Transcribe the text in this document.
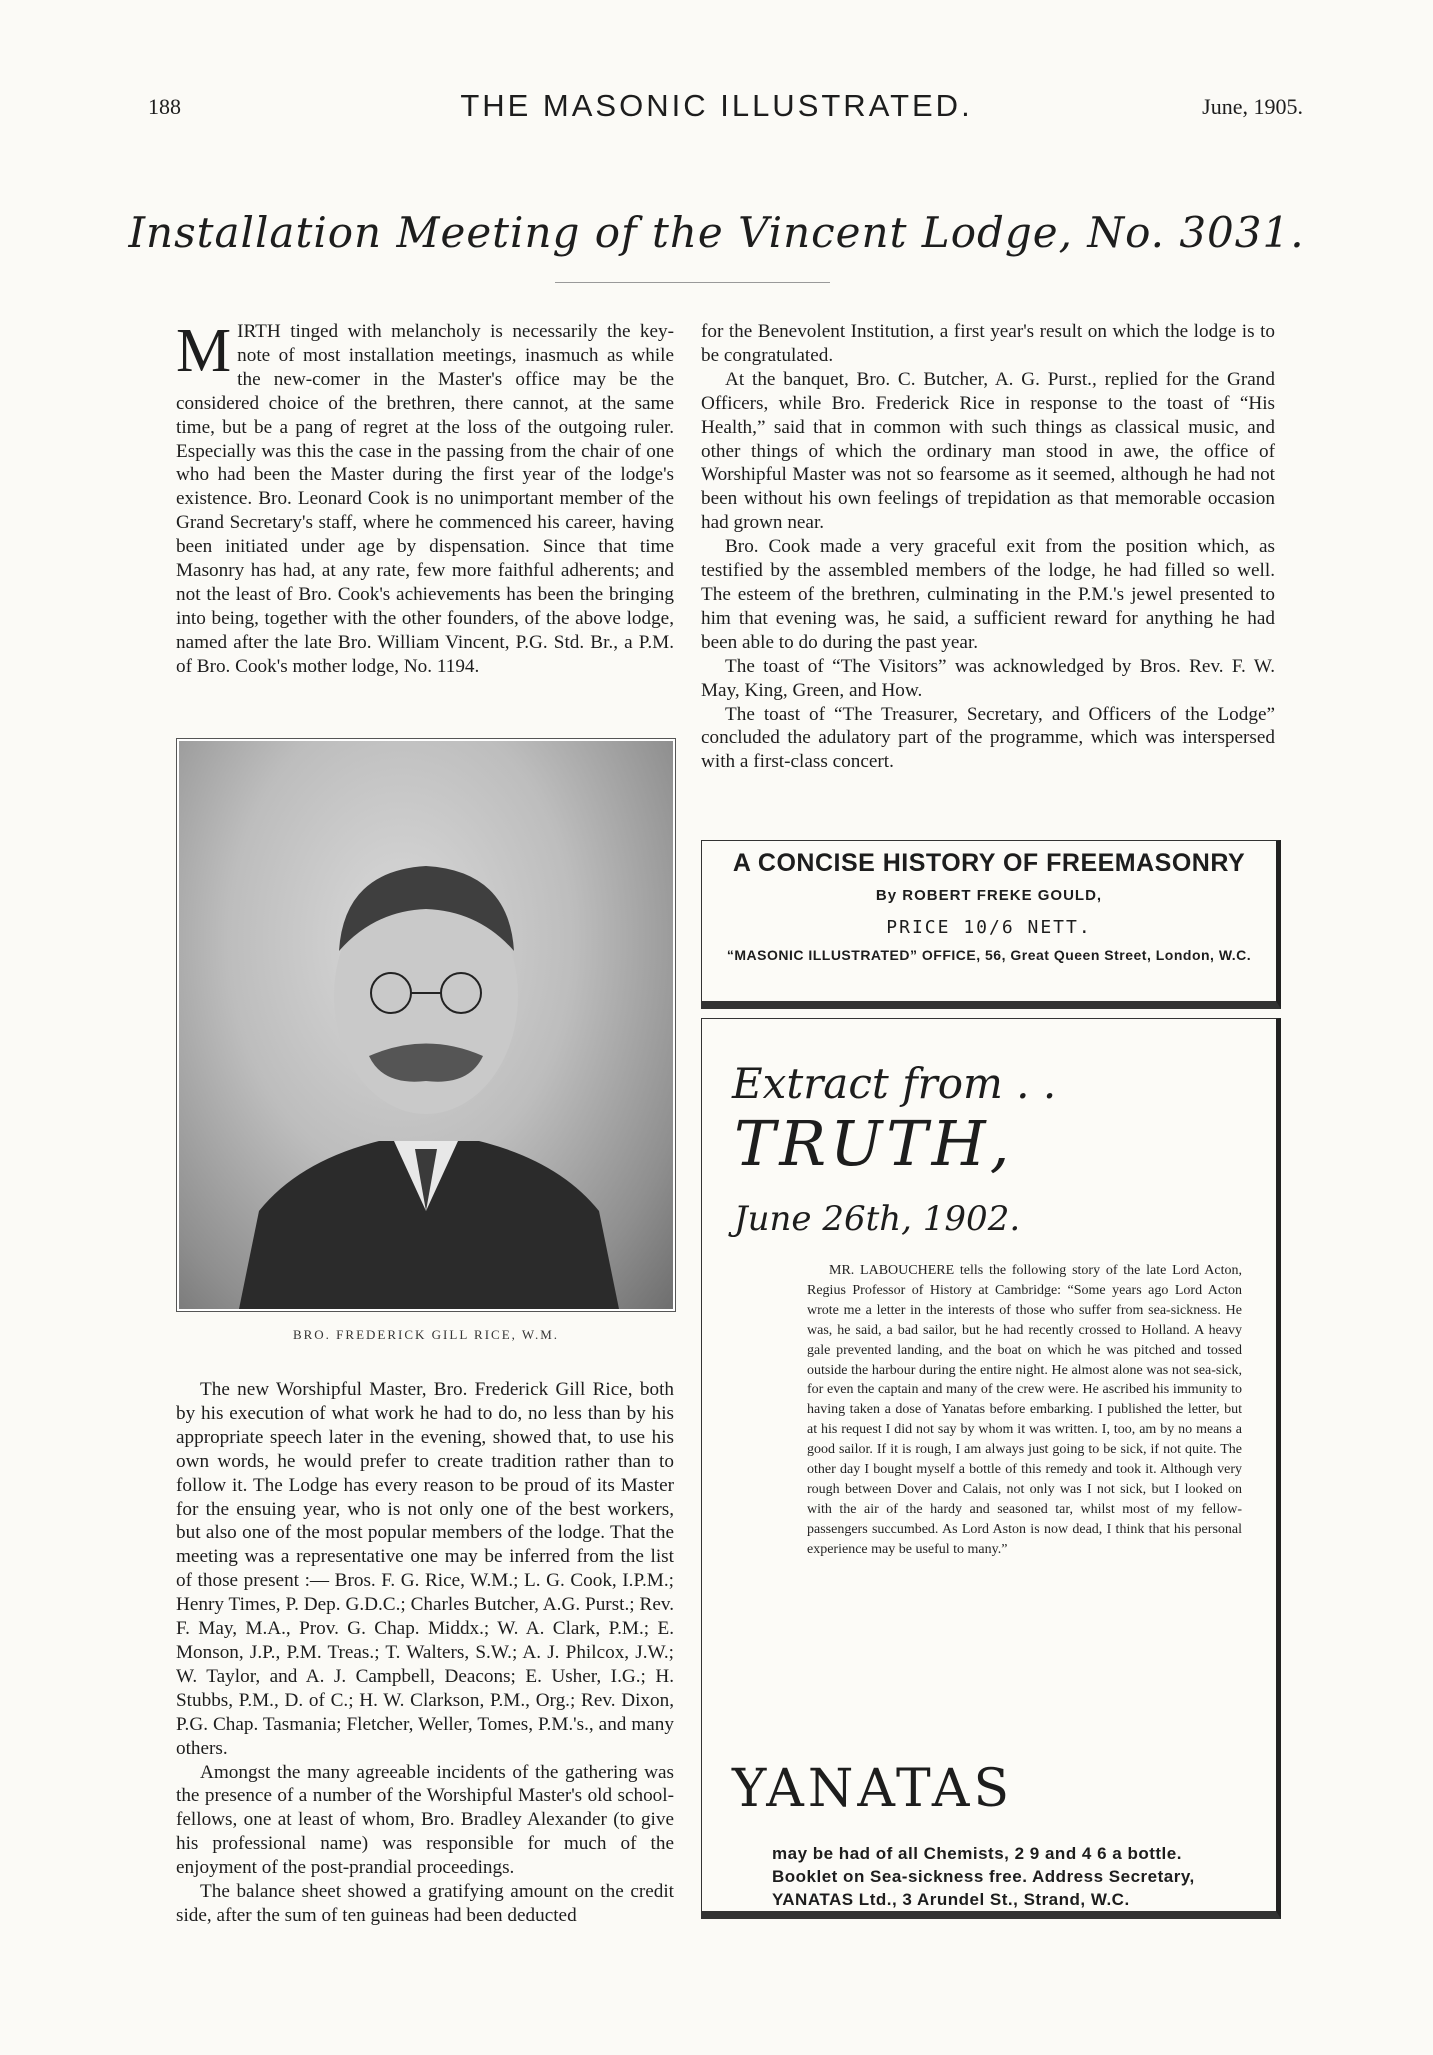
188	THE MASONIC ILLUSTRATED.	June, 1905.
Installation Meeting of the Vincent Lodge, No. 3031.

MIRTH tinged with melancholy is necessarily the key-note of most installation meetings, inasmuch as while the new-comer in the Master's office may be the considered choice of the brethren, there cannot, at the same time, but be a pang of regret at the loss of the outgoing ruler. Especially was this the case in the passing from the chair of one who had been the Master during the first year of the lodge's existence. Bro. Leonard Cook is no unimportant member of the Grand Secretary's staff, where he commenced his career, having been initiated under age by dispensation. Since that time Masonry has had, at any rate, few more faithful adherents; and not the least of Bro. Cook's achievements has been the bringing into being, together with the other founders, of the above lodge, named after the late Bro. William Vincent, P.G. Std. Br., a P.M. of Bro. Cook's mother lodge, No. 1194.

BRO. FREDERICK GILL RICE, W.M.

The new Worshipful Master, Bro. Frederick Gill Rice, both by his execution of what work he had to do, no less than by his appropriate speech later in the evening, showed that, to use his own words, he would prefer to create tradition rather than to follow it. The Lodge has every reason to be proud of its Master for the ensuing year, who is not only one of the best workers, but also one of the most popular members of the lodge. That the meeting was a representative one may be inferred from the list of those present :— Bros. F. G. Rice, W.M.; L. G. Cook, I.P.M.; Henry Times, P. Dep. G.D.C.; Charles Butcher, A.G. Purst.; Rev. F. May, M.A., Prov. G. Chap. Middx.; W. A. Clark, P.M.; E. Monson, J.P., P.M. Treas.; T. Walters, S.W.; A. J. Philcox, J.W.; W. Taylor, and A. J. Campbell, Deacons; E. Usher, I.G.; H. Stubbs, P.M., D. of C.; H. W. Clarkson, P.M., Org.; Rev. Dixon, P.G. Chap. Tasmania; Fletcher, Weller, Tomes, P.M.'s., and many others.

Amongst the many agreeable incidents of the gathering was the presence of a number of the Worshipful Master's old school-fellows, one at least of whom, Bro. Bradley Alexander (to give his professional name) was responsible for much of the enjoyment of the post-prandial proceedings.

The balance sheet showed a gratifying amount on the credit side, after the sum of ten guineas had been deducted

for the Benevolent Institution, a first year's result on which the lodge is to be congratulated.

At the banquet, Bro. C. Butcher, A. G. Purst., replied for the Grand Officers, while Bro. Frederick Rice in response to the toast of “His Health,” said that in common with such things as classical music, and other things of which the ordinary man stood in awe, the office of Worshipful Master was not so fearsome as it seemed, although he had not been without his own feelings of trepidation as that memorable occasion had grown near.

Bro. Cook made a very graceful exit from the position which, as testified by the assembled members of the lodge, he had filled so well. The esteem of the brethren, culminating in the P.M.'s jewel presented to him that evening was, he said, a sufficient reward for anything he had been able to do during the past year.

The toast of “The Visitors” was acknowledged by Bros. Rev. F. W. May, King, Green, and How.

The toast of “The Treasurer, Secretary, and Officers of the Lodge” concluded the adulatory part of the programme, which was interspersed with a first-class concert.

A CONCISE HISTORY OF FREEMASONRY
By ROBERT FREKE GOULD,
PRICE 10/6 NETT.
“MASONIC ILLUSTRATED” OFFICE, 56, Great Queen Street, London, W.C.
Extract from . .
TRUTH,
June 26th, 1902.

MR. LABOUCHERE tells the following story of the late Lord Acton, Regius Professor of History at Cambridge: “Some years ago Lord Acton wrote me a letter in the interests of those who suffer from sea-sickness. He was, he said, a bad sailor, but he had recently crossed to Holland. A heavy gale prevented landing, and the boat on which he was pitched and tossed outside the harbour during the entire night. He almost alone was not sea-sick, for even the captain and many of the crew were. He ascribed his immunity to having taken a dose of Yanatas before embarking. I published the letter, but at his request I did not say by whom it was written. I, too, am by no means a good sailor. If it is rough, I am always just going to be sick, if not quite. The other day I bought myself a bottle of this remedy and took it. Although very rough between Dover and Calais, not only was I not sick, but I looked on with the air of the hardy and seasoned tar, whilst most of my fellow-passengers succumbed. As Lord Aston is now dead, I think that his personal experience may be useful to many.”

YANATAS
may be had of all Chemists, 2 9 and 4 6 a bottle.
Booklet on Sea-sickness free. Address Secretary,
YANATAS Ltd., 3 Arundel St., Strand, W.C.
